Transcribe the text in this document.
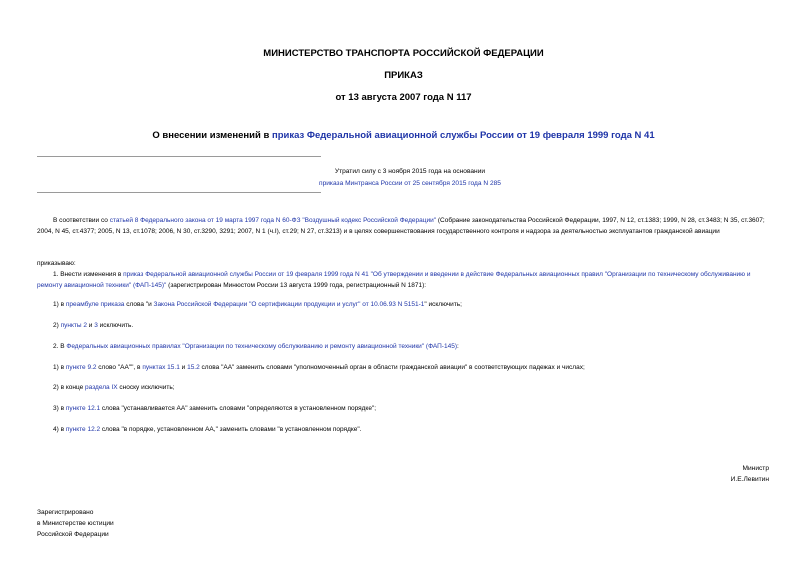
МИНИСТЕРСТВО ТРАНСПОРТА РОССИЙСКОЙ ФЕДЕРАЦИИ
ПРИКАЗ
от 13 августа 2007 года N 117
О внесении изменений в приказ Федеральной авиационной службы России от 19 февраля 1999 года N 41
Утратил силу с 3 ноября 2015 года на основании
приказа Минтранса России от 25 сентября 2015 года N 285
В соответствии со статьей 8 Федерального закона от 19 марта 1997 года N 60-ФЗ "Воздушный кодекс Российской Федерации" (Собрание законодательства Российской Федерации, 1997, N 12, ст.1383; 1999, N 28, ст.3483; N 35, ст.3607; 2004, N 45, ст.4377; 2005, N 13, ст.1078; 2006, N 30, ст.3290, 3291; 2007, N 1 (ч.I), ст.29; N 27, ст.3213) и в целях совершенствования государственного контроля и надзора за деятельностью эксплуатантов гражданской авиации
приказываю:
1. Внести изменения в приказ Федеральной авиационной службы России от 19 февраля 1999 года N 41 "Об утверждении и введении в действие Федеральных авиационных правил "Организации по техническому обслуживанию и ремонту авиационной техники" (ФАП-145)" (зарегистрирован Минюстом России 13 августа 1999 года, регистрационный N 1871):
1) в преамбуле приказа слова "и Закона Российской Федерации "О сертификации продукции и услуг" от 10.06.93 N 5151-1" исключить;
2) пункты 2 и 3 исключить.
2. В Федеральных авиационных правилах "Организации по техническому обслуживанию и ремонту авиационной техники" (ФАП-145):
1) в пункте 9.2 слово "АА"", в пунктах 15.1 и 15.2 слова "АА" заменить словами "уполномоченный орган в области гражданской авиации" в соответствующих падежах и числах;
2) в конце раздела IX сноску исключить;
3) в пункте 12.1 слова "устанавливается АА" заменить словами "определяются в установленном порядке";
4) в пункте 12.2 слова "в порядке, установленном АА," заменить словами "в установленном порядке".
Министр
И.Е.Левитин
Зарегистрировано
в Министерстве юстиции
Российской Федерации
